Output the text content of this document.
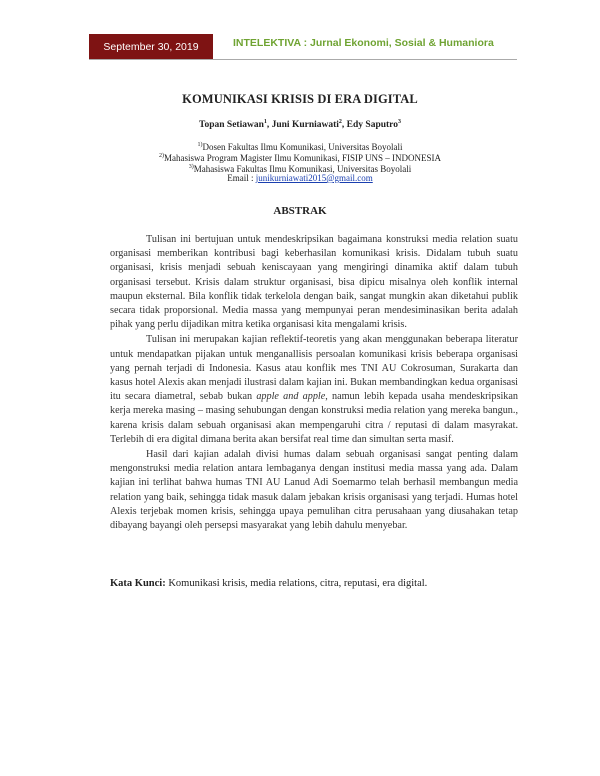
September 30, 2019	INTELEKTIVA : Jurnal Ekonomi, Sosial & Humaniora
KOMUNIKASI KRISIS DI ERA DIGITAL
Topan Setiawan$^1$, Juni Kurniawati$^2$, Edy Saputro$^3$
$^{1)}$Dosen Fakultas Ilmu Komunikasi, Universitas Boyolali
$^{2)}$Mahasiswa Program Magister Ilmu Komunikasi, FISIP UNS – INDONESIA
$^{3)}$Mahasiswa Fakultas Ilmu Komunikasi, Universitas Boyolali
Email : junikurniawati2015@gmail.com
ABSTRAK

Tulisan ini bertujuan untuk mendeskripsikan bagaimana konstruksi media relation suatu organisasi memberikan kontribusi bagi keberhasilan komunikasi krisis. Didalam tubuh suatu organisasi, krisis menjadi sebuah keniscayaan yang mengiringi dinamika aktif dalam tubuh organisasi tersebut. Krisis dalam struktur organisasi, bisa dipicu misalnya oleh konflik internal maupun eksternal. Bila konflik tidak terkelola dengan baik, sangat mungkin akan diketahui publik secara tidak proporsional. Media massa yang mempunyai peran mendesiminasikan berita adalah pihak yang perlu dijadikan mitra ketika organisasi kita mengalami krisis.

Tulisan ini merupakan kajian reflektif-teoretis yang akan menggunakan beberapa literatur untuk mendapatkan pijakan untuk menganallisis persoalan komunikasi krisis beberapa organisasi yang pernah terjadi di Indonesia. Kasus atau konflik mes TNI AU Cokrosuman, Surakarta dan kasus hotel Alexis akan menjadi ilustrasi dalam kajian ini. Bukan membandingkan kedua organisasi itu secara diametral, sebab bukan apple and apple, namun lebih kepada usaha mendeskripsikan kerja mereka masing – masing sehubungan dengan konstruksi media relation yang mereka bangun., karena krisis dalam sebuah organisasi akan mempengaruhi citra / reputasi di dalam masyrakat. Terlebih di era digital dimana berita akan bersifat real time dan simultan serta masif.

Hasil dari kajian adalah divisi humas dalam sebuah organisasi sangat penting dalam mengonstruksi media relation antara lembaganya dengan institusi media massa yang ada. Dalam kajian ini terlihat bahwa humas TNI AU Lanud Adi Soemarmo telah berhasil membangun media relation yang baik, sehingga tidak masuk dalam jebakan krisis organisasi yang terjadi. Humas hotel Alexis terjebak momen krisis, sehingga upaya pemulihan citra perusahaan yang diusahakan tetap dibayang bayangi oleh persepsi masyarakat yang lebih dahulu menyebar.

Kata Kunci: Komunikasi krisis, media relations, citra, reputasi, era digital.
